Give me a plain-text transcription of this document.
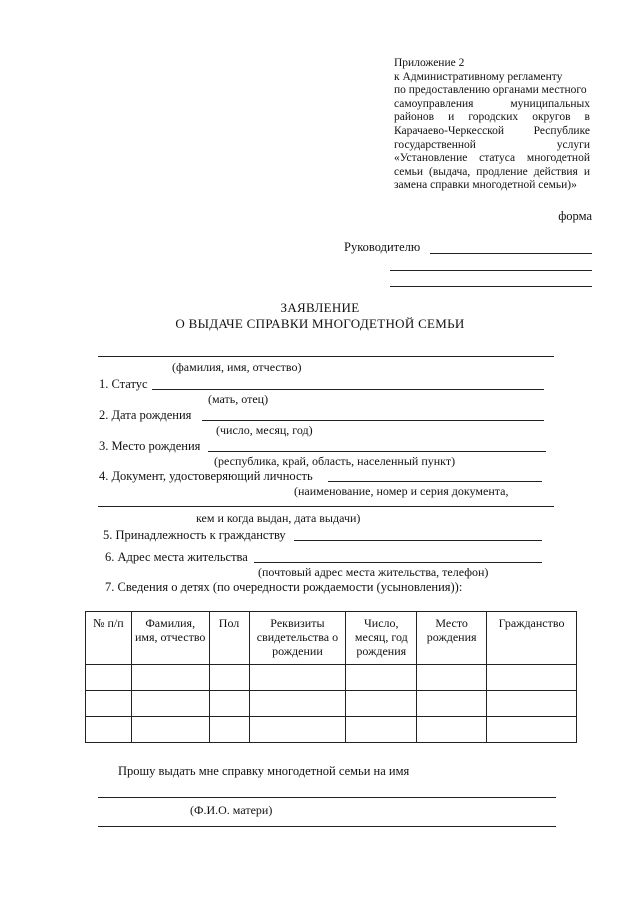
Приложение 2
к Административному регламенту
по предоставлению органами местного
самоуправления муниципальных
районов и городских округов в
Карачаево-Черкесской Республике
государственной услуги
«Установление статуса многодетной
семьи (выдача, продление действия и
замена справки многодетной семьи)»
форма
Руководителю
ЗАЯВЛЕНИЕ
О ВЫДАЧЕ СПРАВКИ МНОГОДЕТНОЙ СЕМЬИ
(фамилия, имя, отчество)
1. Статус
(мать, отец)
2. Дата рождения
(число, месяц, год)
3. Место рождения
(республика, край, область, населенный пункт)
4. Документ, удостоверяющий личность
(наименование, номер и серия документа,
кем и когда выдан, дата выдачи)
5. Принадлежность к гражданству
6. Адрес места жительства
(почтовый адрес места жительства, телефон)
7. Сведения о детях (по очередности рождаемости (усыновления)):
№ п/п	Фамилия, имя, отчество	Пол	Реквизиты свидетельства о рождении	Число, месяц, год рождения	Место рождения	Гражданство

Прошу выдать мне справку многодетной семьи на имя
(Ф.И.О. матери)
